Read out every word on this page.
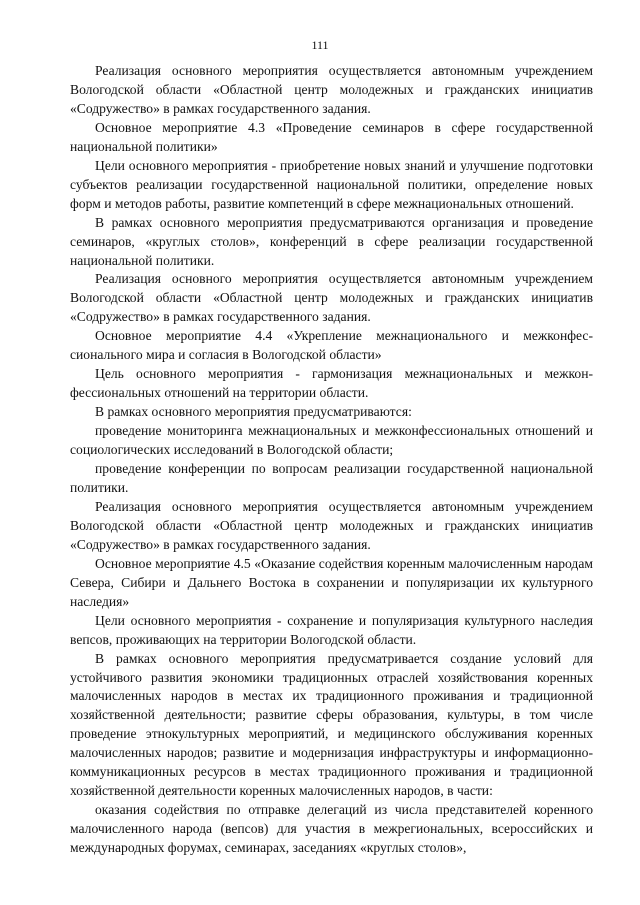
111

Реализация основного мероприятия осуществляется автономным учреждением Вологодской области «Областной центр молодежных и гражданских инициатив «Содружество» в рамках государственного задания.

Основное мероприятие 4.3 «Проведение семинаров в сфере государственной национальной политики»

Цели основного мероприятия - приобретение новых знаний и улучшение подготовки субъектов реализации государственной национальной политики, определение новых форм и методов работы, развитие компетенций в сфере межнациональных отношений.

В рамках основного мероприятия предусматриваются организация и проведение семинаров, «круглых столов», конференций в сфере реализации государственной национальной политики.

Реализация основного мероприятия осуществляется автономным учреждением Вологодской области «Областной центр молодежных и гражданских инициатив «Содружество» в рамках государственного задания.

Основное мероприятие 4.4 «Укрепление межнационального и межконфессионального мира и согласия в Вологодской области»

Цель основного мероприятия - гармонизация межнациональных и межконфессиональных отношений на территории области.

В рамках основного мероприятия предусматриваются:

проведение мониторинга межнациональных и межконфессиональных отношений и социологических исследований в Вологодской области;

проведение конференции по вопросам реализации государственной национальной политики.

Реализация основного мероприятия осуществляется автономным учреждением Вологодской области «Областной центр молодежных и гражданских инициатив «Содружество» в рамках государственного задания.

Основное мероприятие 4.5 «Оказание содействия коренным малочисленным народам Севера, Сибири и Дальнего Востока в сохранении и популяризации их культурного наследия»

Цели основного мероприятия - сохранение и популяризация культурного наследия вепсов, проживающих на территории Вологодской области.

В рамках основного мероприятия предусматривается создание условий для устойчивого развития экономики традиционных отраслей хозяйствования коренных малочисленных народов в местах их традиционного проживания и традиционной хозяйственной деятельности; развитие сферы образования, культуры, в том числе проведение этнокультурных мероприятий, и медицинского обслуживания коренных малочисленных народов; развитие и модернизация инфраструктуры и информационно-коммуникационных ресурсов в местах традиционного проживания и традиционной хозяйственной деятельности коренных малочисленных народов, в части:

оказания содействия по отправке делегаций из числа представителей коренного малочисленного народа (вепсов) для участия в межрегиональных, всероссийских и международных форумах, семинарах, заседаниях «круглых столов»,
